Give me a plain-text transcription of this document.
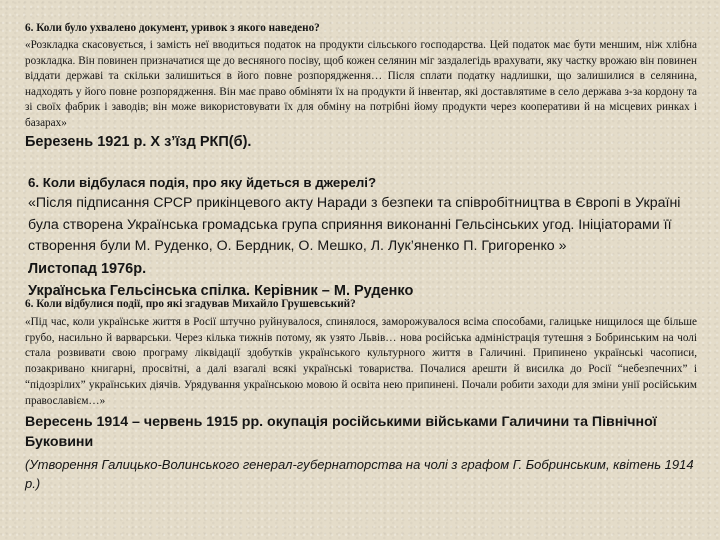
6. Коли було ухвалено документ, уривок з якого наведено?

«Розкладка скасовується, і замість неї вводиться податок на продукти сільського господарства. Цей податок має бути меншим, ніж хлібна розкладка. Він повинен призначатися ще до весняного посіву, щоб кожен селянин міг заздалегідь врахувати, яку частку врожаю він повинен віддати державі та скільки залишиться в його повне розпорядження… Після сплати податку надлишки, що залишилися в селянина, надходять у його повне розпорядження. Він має право обміняти їх на продукти й інвентар, які доставлятиме в село держава з-за кордону та зі своїх фабрик і заводів; він може використовувати їх для обміну на потрібні йому продукти через кооперативи й на місцевих ринках і базарах»

Березень 1921 р. Х з’їзд РКП(б).

6. Коли відбулася подія, про яку йдеться в джерелі?

«Після підписання СРСР прикінцевого акту Наради з безпеки та співробітництва в Європі в Україні була створена Українська громадська група сприяння виконанні Гельсінських угод. Ініціаторами її створення були М. Руденко, О. Бердник, О. Мешко, Л. Лук’яненко П. Григоренко »

Листопад 1976р.

Українська Гельсінська спілка. Керівник – М. Руденко

6. Коли відбулися події, про які згадував Михайло Грушевський?

«Під час, коли українське життя в Росії штучно руйнувалося, спинялося, заморожувалося всіма способами, галицьке нищилося ще більше грубо, насильно й варварськи. Через кілька тижнів потому, як узято Львів… нова російська адміністрація тутешня з Бобринським на чолі стала розвивати свою програму ліквідації здобутків українського культурного життя в Галичині. Припинено українські часописи, позакривано книгарні, просвітні, а далі взагалі всякі українські товариства. Почалися арешти й висилка до Росії “небезпечних” і “підозрілих” українських діячів. Урядування українською мовою й освіта нею припинені. Почали робити заходи для зміни унії російським православієм…»

Вересень 1914 – червень 1915 рр. окупація російськими військами Галичини та Північної Буковини

(Утворення Галицько-Волинського генерал-губернаторства на чолі з графом Г. Бобринським, квітень 1914 р.)
